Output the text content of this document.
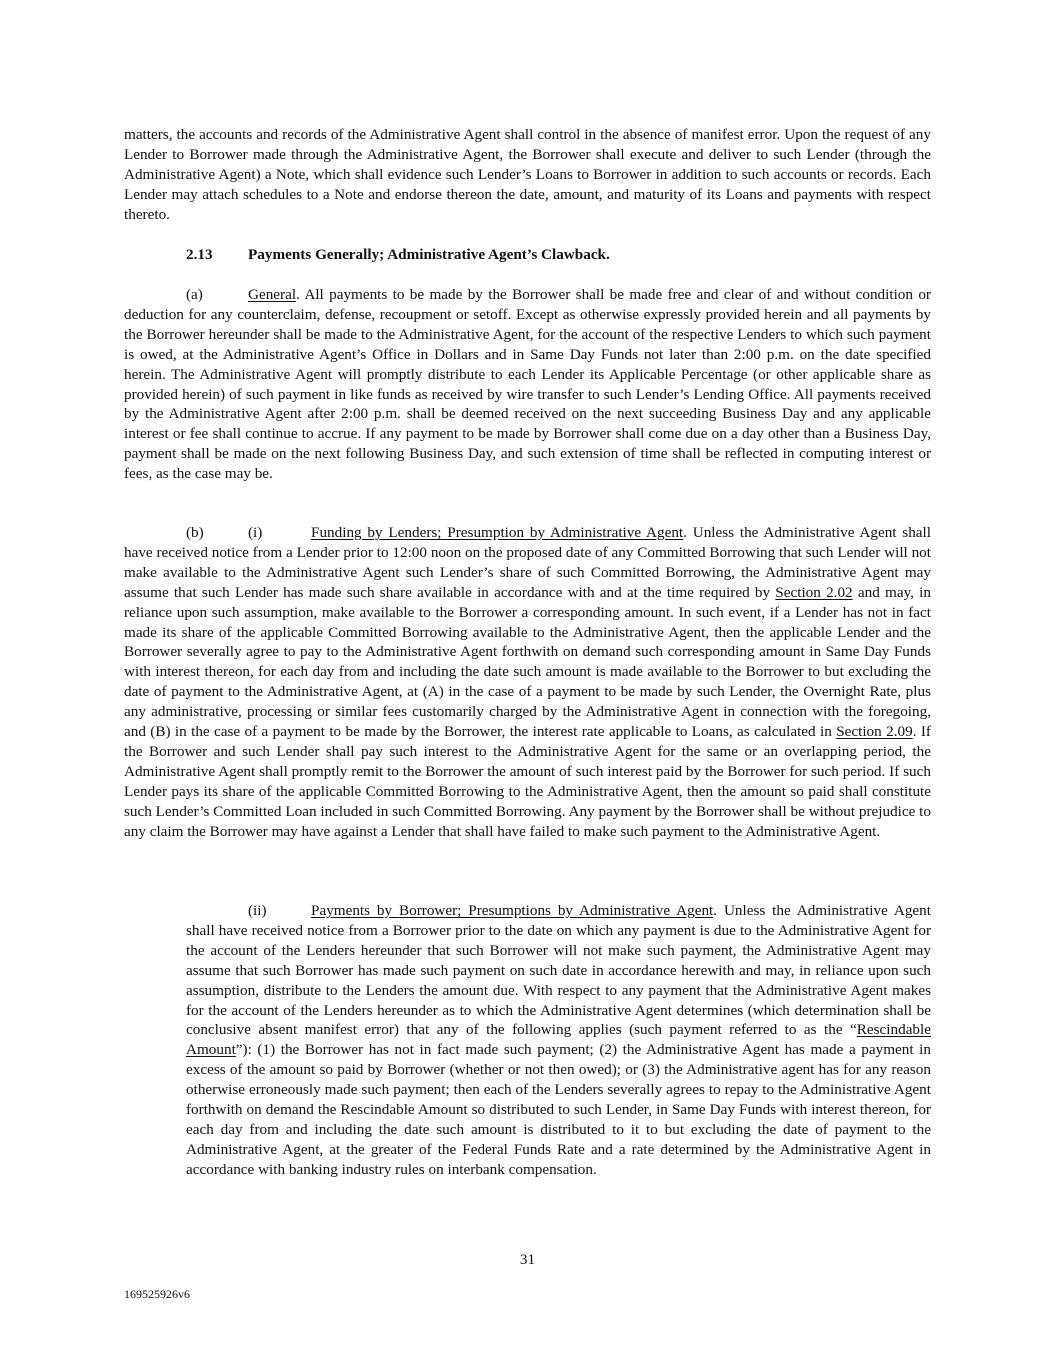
matters, the accounts and records of the Administrative Agent shall control in the absence of manifest error. Upon the request of any Lender to Borrower made through the Administrative Agent, the Borrower shall execute and deliver to such Lender (through the Administrative Agent) a Note, which shall evidence such Lender’s Loans to Borrower in addition to such accounts or records. Each Lender may attach schedules to a Note and endorse thereon the date, amount, and maturity of its Loans and payments with respect thereto.

2.13 Payments Generally; Administrative Agent’s Clawback.

(a)	General. All payments to be made by the Borrower shall be made free and clear of and without condition or deduction for any counterclaim, defense, recoupment or setoff. Except as otherwise expressly provided herein and all payments by the Borrower hereunder shall be made to the Administrative Agent, for the account of the respective Lenders to which such payment is owed, at the Administrative Agent’s Office in Dollars and in Same Day Funds not later than 2:00 p.m. on the date specified herein. The Administrative Agent will promptly distribute to each Lender its Applicable Percentage (or other applicable share as provided herein) of such payment in like funds as received by wire transfer to such Lender’s Lending Office. All payments received by the Administrative Agent after 2:00 p.m. shall be deemed received on the next succeeding Business Day and any applicable interest or fee shall continue to accrue. If any payment to be made by Borrower shall come due on a day other than a Business Day, payment shall be made on the next following Business Day, and such extension of time shall be reflected in computing interest or fees, as the case may be.

(b)	(i)	Funding by Lenders; Presumption by Administrative Agent. Unless the Administrative Agent shall have received notice from a Lender prior to 12:00 noon on the proposed date of any Committed Borrowing that such Lender will not make available to the Administrative Agent such Lender’s share of such Committed Borrowing, the Administrative Agent may assume that such Lender has made such share available in accordance with and at the time required by Section 2.02 and may, in reliance upon such assumption, make available to the Borrower a corresponding amount. In such event, if a Lender has not in fact made its share of the applicable Committed Borrowing available to the Administrative Agent, then the applicable Lender and the Borrower severally agree to pay to the Administrative Agent forthwith on demand such corresponding amount in Same Day Funds with interest thereon, for each day from and including the date such amount is made available to the Borrower to but excluding the date of payment to the Administrative Agent, at (A) in the case of a payment to be made by such Lender, the Overnight Rate, plus any administrative, processing or similar fees customarily charged by the Administrative Agent in connection with the foregoing, and (B) in the case of a payment to be made by the Borrower, the interest rate applicable to Loans, as calculated in Section 2.09. If the Borrower and such Lender shall pay such interest to the Administrative Agent for the same or an overlapping period, the Administrative Agent shall promptly remit to the Borrower the amount of such interest paid by the Borrower for such period. If such Lender pays its share of the applicable Committed Borrowing to the Administrative Agent, then the amount so paid shall constitute such Lender’s Committed Loan included in such Committed Borrowing. Any payment by the Borrower shall be without prejudice to any claim the Borrower may have against a Lender that shall have failed to make such payment to the Administrative Agent.

(ii)	Payments by Borrower; Presumptions by Administrative Agent. Unless the Administrative Agent shall have received notice from a Borrower prior to the date on which any payment is due to the Administrative Agent for the account of the Lenders hereunder that such Borrower will not make such payment, the Administrative Agent may assume that such Borrower has made such payment on such date in accordance herewith and may, in reliance upon such assumption, distribute to the Lenders the amount due. With respect to any payment that the Administrative Agent makes for the account of the Lenders hereunder as to which the Administrative Agent determines (which determination shall be conclusive absent manifest error) that any of the following applies (such payment referred to as the “Rescindable Amount”): (1) the Borrower has not in fact made such payment; (2) the Administrative Agent has made a payment in excess of the amount so paid by Borrower (whether or not then owed); or (3) the Administrative agent has for any reason otherwise erroneously made such payment; then each of the Lenders severally agrees to repay to the Administrative Agent forthwith on demand the Rescindable Amount so distributed to such Lender, in Same Day Funds with interest thereon, for each day from and including the date such amount is distributed to it to but excluding the date of payment to the Administrative Agent, at the greater of the Federal Funds Rate and a rate determined by the Administrative Agent in accordance with banking industry rules on interbank compensation.

31
169525926v6
